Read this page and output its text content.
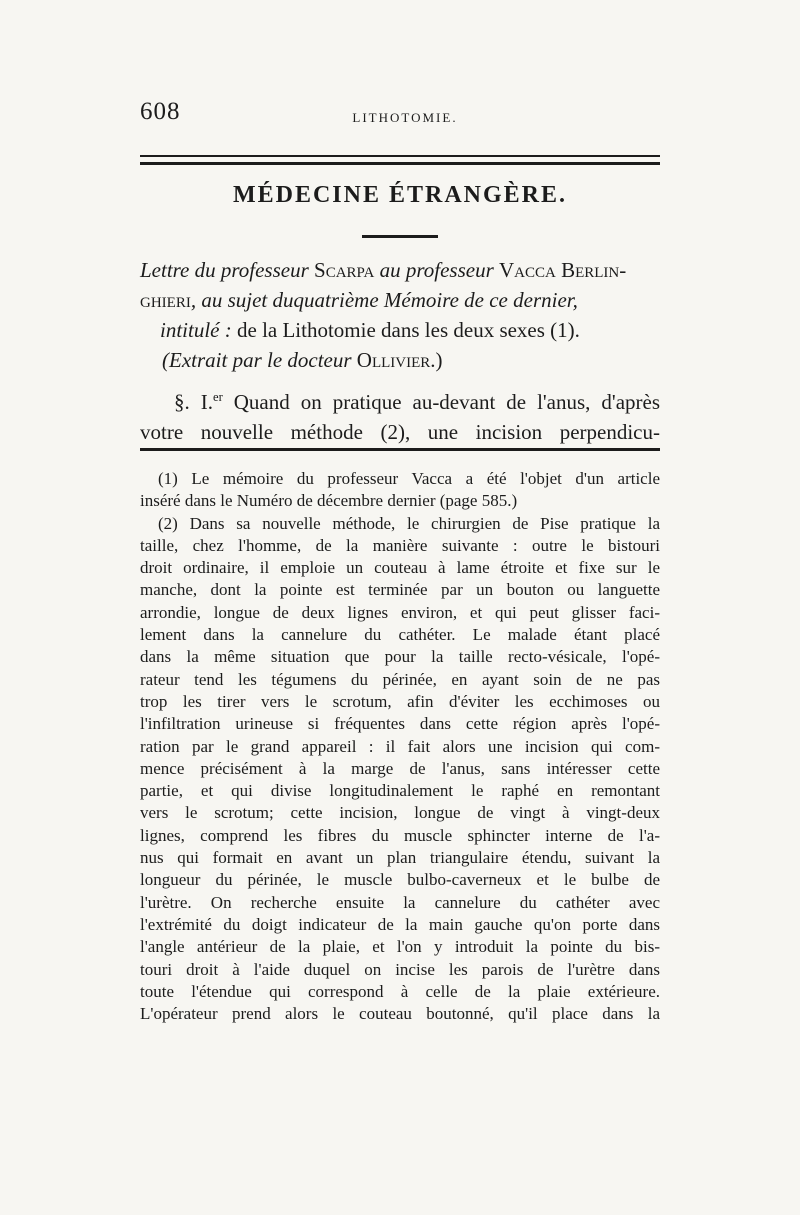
608	LITHOTOMIE.
MÉDECINE ÉTRANGÈRE.
Lettre du professeur Scarpa au professeur Vacca Berlin-
ghieri, au sujet duquatrième Mémoire de ce dernier,
intitulé : de la Lithotomie dans les deux sexes (1).
(Extrait par le docteur Ollivier.)
§. I.$^{er}$ Quand on pratique au-devant de l'anus, d'après
votre nouvelle méthode (2), une incision perpendicu-
(1) Le mémoire du professeur Vacca a été l'objet d'un article
inséré dans le Numéro de décembre dernier (page 585.)
(2) Dans sa nouvelle méthode, le chirurgien de Pise pratique la
taille, chez l'homme, de la manière suivante : outre le bistouri
droit ordinaire, il emploie un couteau à lame étroite et fixe sur le
manche, dont la pointe est terminée par un bouton ou languette
arrondie, longue de deux lignes environ, et qui peut glisser faci-
lement dans la cannelure du cathéter. Le malade étant placé
dans la même situation que pour la taille recto-vésicale, l'opé-
rateur tend les tégumens du périnée, en ayant soin de ne pas
trop les tirer vers le scrotum, afin d'éviter les ecchimoses ou
l'infiltration urineuse si fréquentes dans cette région après l'opé-
ration par le grand appareil : il fait alors une incision qui com-
mence précisément à la marge de l'anus, sans intéresser cette
partie, et qui divise longitudinalement le raphé en remontant
vers le scrotum; cette incision, longue de vingt à vingt-deux
lignes, comprend les fibres du muscle sphincter interne de l'a-
nus qui formait en avant un plan triangulaire étendu, suivant la
longueur du périnée, le muscle bulbo-caverneux et le bulbe de
l'urètre. On recherche ensuite la cannelure du cathéter avec
l'extrémité du doigt indicateur de la main gauche qu'on porte dans
l'angle antérieur de la plaie, et l'on y introduit la pointe du bis-
touri droit à l'aide duquel on incise les parois de l'urètre dans
toute l'étendue qui correspond à celle de la plaie extérieure.
L'opérateur prend alors le couteau boutonné, qu'il place dans la
